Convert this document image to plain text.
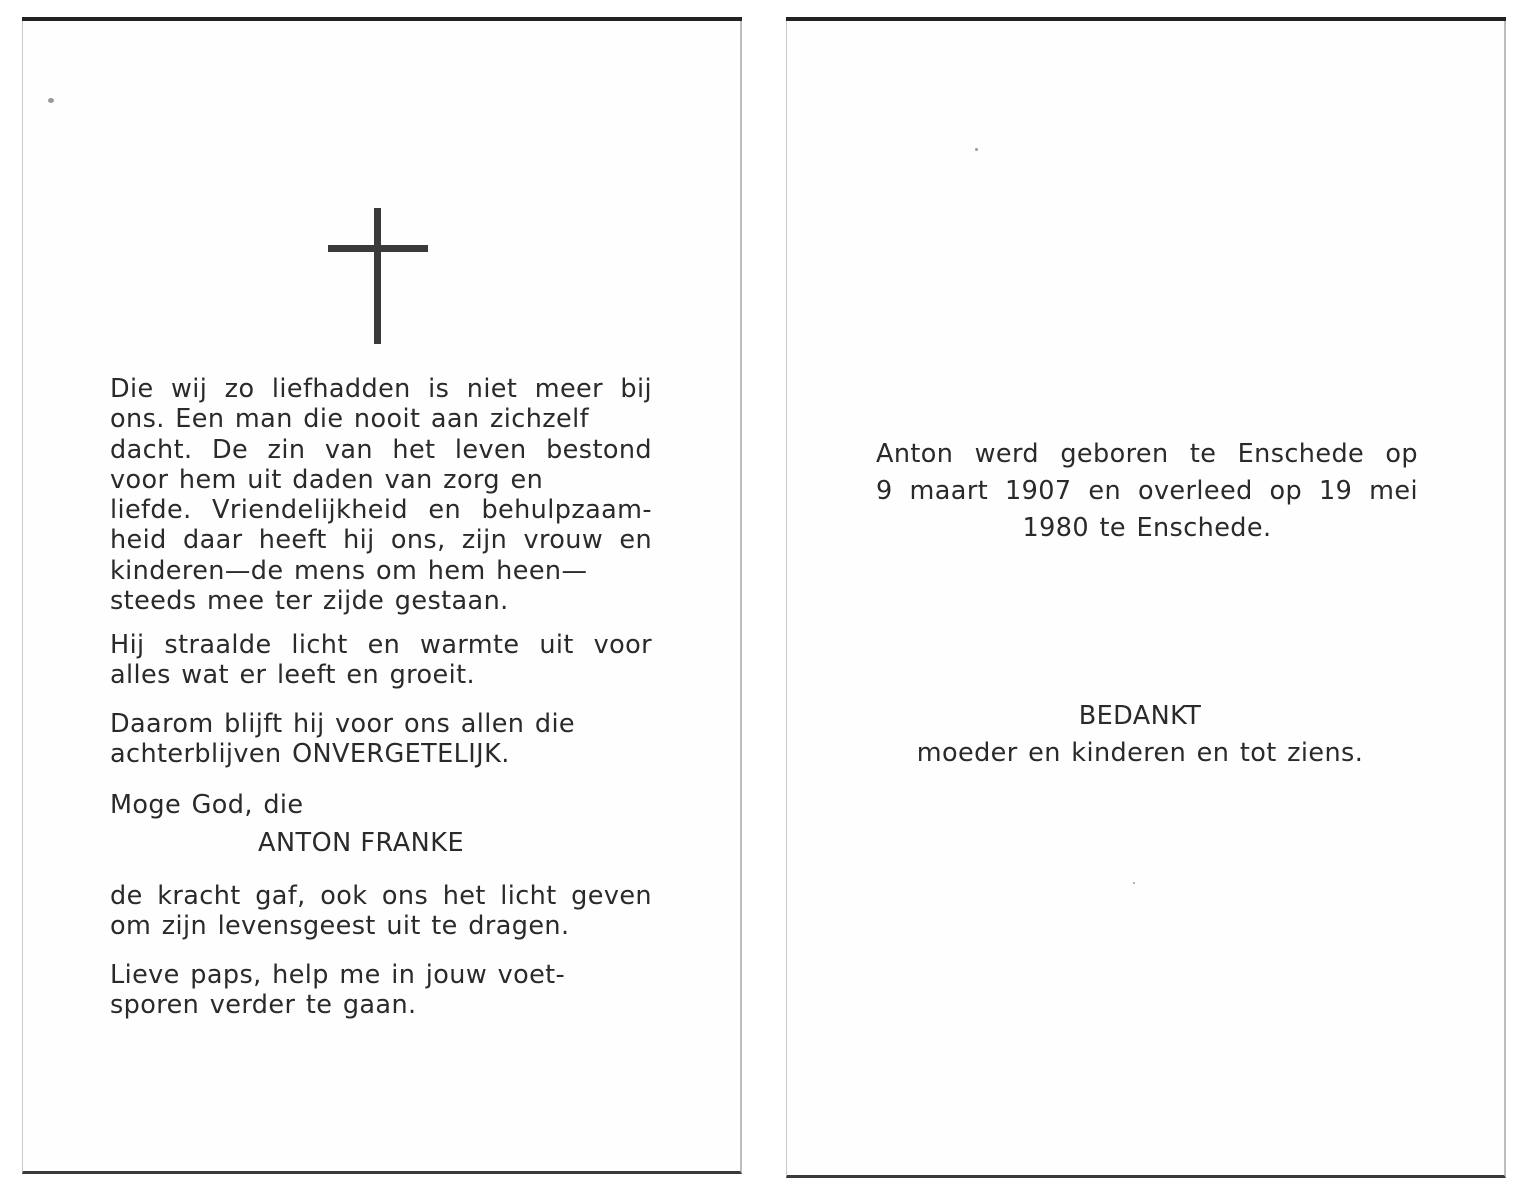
Die wij zo liefhadden is niet meer bij
ons. Een man die nooit aan zichzelf
dacht. De zin van het leven bestond
voor hem uit daden van zorg en
liefde. Vriendelijkheid en behulpzaam-
heid daar heeft hij ons, zijn vrouw en
kinderen—de mens om hem heen—
steeds mee ter zijde gestaan.
Hij straalde licht en warmte uit voor
alles wat er leeft en groeit.
Daarom blijft hij voor ons allen die
achterblijven ONVERGETELIJK.
Moge God, die
ANTON FRANKE
de kracht gaf, ook ons het licht geven
om zijn levensgeest uit te dragen.
Lieve paps, help me in jouw voet-
sporen verder te gaan.
Anton werd geboren te Enschede op
9 maart 1907 en overleed op 19 mei
1980 te Enschede.
BEDANKT
moeder en kinderen en tot ziens.
